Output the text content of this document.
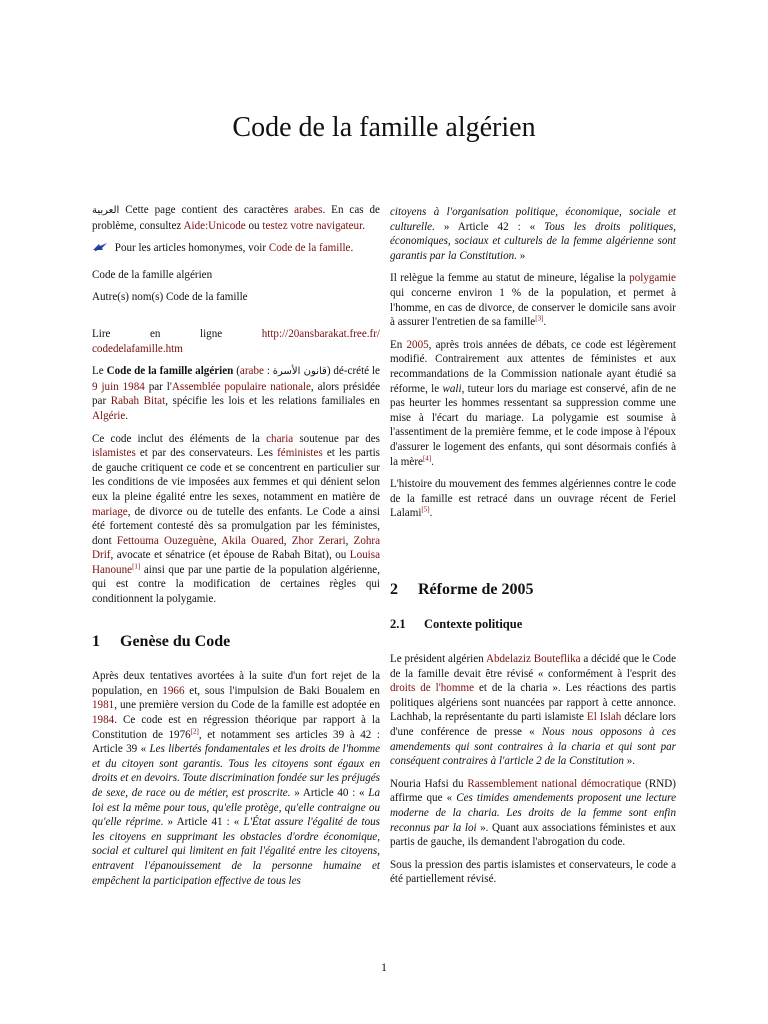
Code de la famille algérien

العربية Cette page contient des caractères arabes. En cas de problème, consultez Aide:Unicode ou testez votre navigateur.

Pour les articles homonymes, voir Code de la famille.

Code de la famille algérien

Autre(s) nom(s) Code de la famille

Lire	en	ligne	http://20ansbarakat.free.fr/
codedelafamille.htm

Le Code de la famille algérien (arabe : قانون الأسرة) dé-crété le 9 juin 1984 par l'Assemblée populaire nationale, alors présidée par Rabah Bitat, spécifie les lois et les relations familiales en Algérie.

Ce code inclut des éléments de la charia soutenue par des islamistes et par des conservateurs. Les féministes et les partis de gauche critiquent ce code et se concentrent en particulier sur les conditions de vie imposées aux femmes et qui dénient selon eux la pleine égalité entre les sexes, notamment en matière de mariage, de divorce ou de tutelle des enfants. Le Code a ainsi été fortement contesté dès sa promulgation par les féministes, dont Fettouma Ouzeguène, Akila Ouared, Zhor Zerari, Zohra Drif, avocate et sénatrice (et épouse de Rabah Bitat), ou Louisa Hanoune[1] ainsi que par une partie de la population algérienne, qui est contre la modification de certaines règles qui conditionnent la polygamie.

1 Genèse du Code

Après deux tentatives avortées à la suite d'un fort rejet de la population, en 1966 et, sous l'impulsion de Baki Boualem en 1981, une première version du Code de la famille est adoptée en 1984. Ce code est en régression théorique par rapport à la Constitution de 1976[2], et notamment ses articles 39 à 42 : Article 39 « Les libertés fondamentales et les droits de l'homme et du citoyen sont garantis. Tous les citoyens sont égaux en droits et en devoirs. Toute discrimination fondée sur les préjugés de sexe, de race ou de métier, est proscrite. » Article 40 : « La loi est la même pour tous, qu'elle protège, qu'elle contraigne ou qu'elle réprime. » Article 41 : « L'État assure l'égalité de tous les citoyens en supprimant les obstacles d'ordre économique, social et culturel qui limitent en fait l'égalité entre les citoyens, entravent l'épanouissement de la personne humaine et empêchent la participation effective de tous les

citoyens à l'organisation politique, économique, sociale et culturelle. » Article 42 : « Tous les droits politiques, économiques, sociaux et culturels de la femme algérienne sont garantis par la Constitution. »

Il relègue la femme au statut de mineure, légalise la polygamie qui concerne environ 1 % de la population, et permet à l'homme, en cas de divorce, de conserver le domicile sans avoir à assurer l'entretien de sa famille[3].

En 2005, après trois années de débats, ce code est légèrement modifié. Contrairement aux attentes de féministes et aux recommandations de la Commission nationale ayant étudié sa réforme, le wali, tuteur lors du mariage est conservé, afin de ne pas heurter les hommes ressentant sa suppression comme une mise à l'écart du mariage. La polygamie est soumise à l'assentiment de la première femme, et le code impose à l'époux d'assurer le logement des enfants, qui sont désormais confiés à la mère[4].

L'histoire du mouvement des femmes algériennes contre le code de la famille est retracé dans un ouvrage récent de Feriel Lalami[5].

2 Réforme de 2005
2.1 Contexte politique

Le président algérien Abdelaziz Bouteflika a décidé que le Code de la famille devait être révisé « conformément à l'esprit des droits de l'homme et de la charia ». Les réactions des partis politiques algériens sont nuancées par rapport à cette annonce. Lachhab, la représentante du parti islamiste El Islah déclare lors d'une conférence de presse « Nous nous opposons à ces amendements qui sont contraires à la charia et qui sont par conséquent contraires à l'article 2 de la Constitution ».

Nouria Hafsi du Rassemblement national démocratique (RND) affirme que « Ces timides amendements proposent une lecture moderne de la charia. Les droits de la femme sont enfin reconnus par la loi ». Quant aux associations féministes et aux partis de gauche, ils demandent l'abrogation du code.

Sous la pression des partis islamistes et conservateurs, le code a été partiellement révisé.

1
